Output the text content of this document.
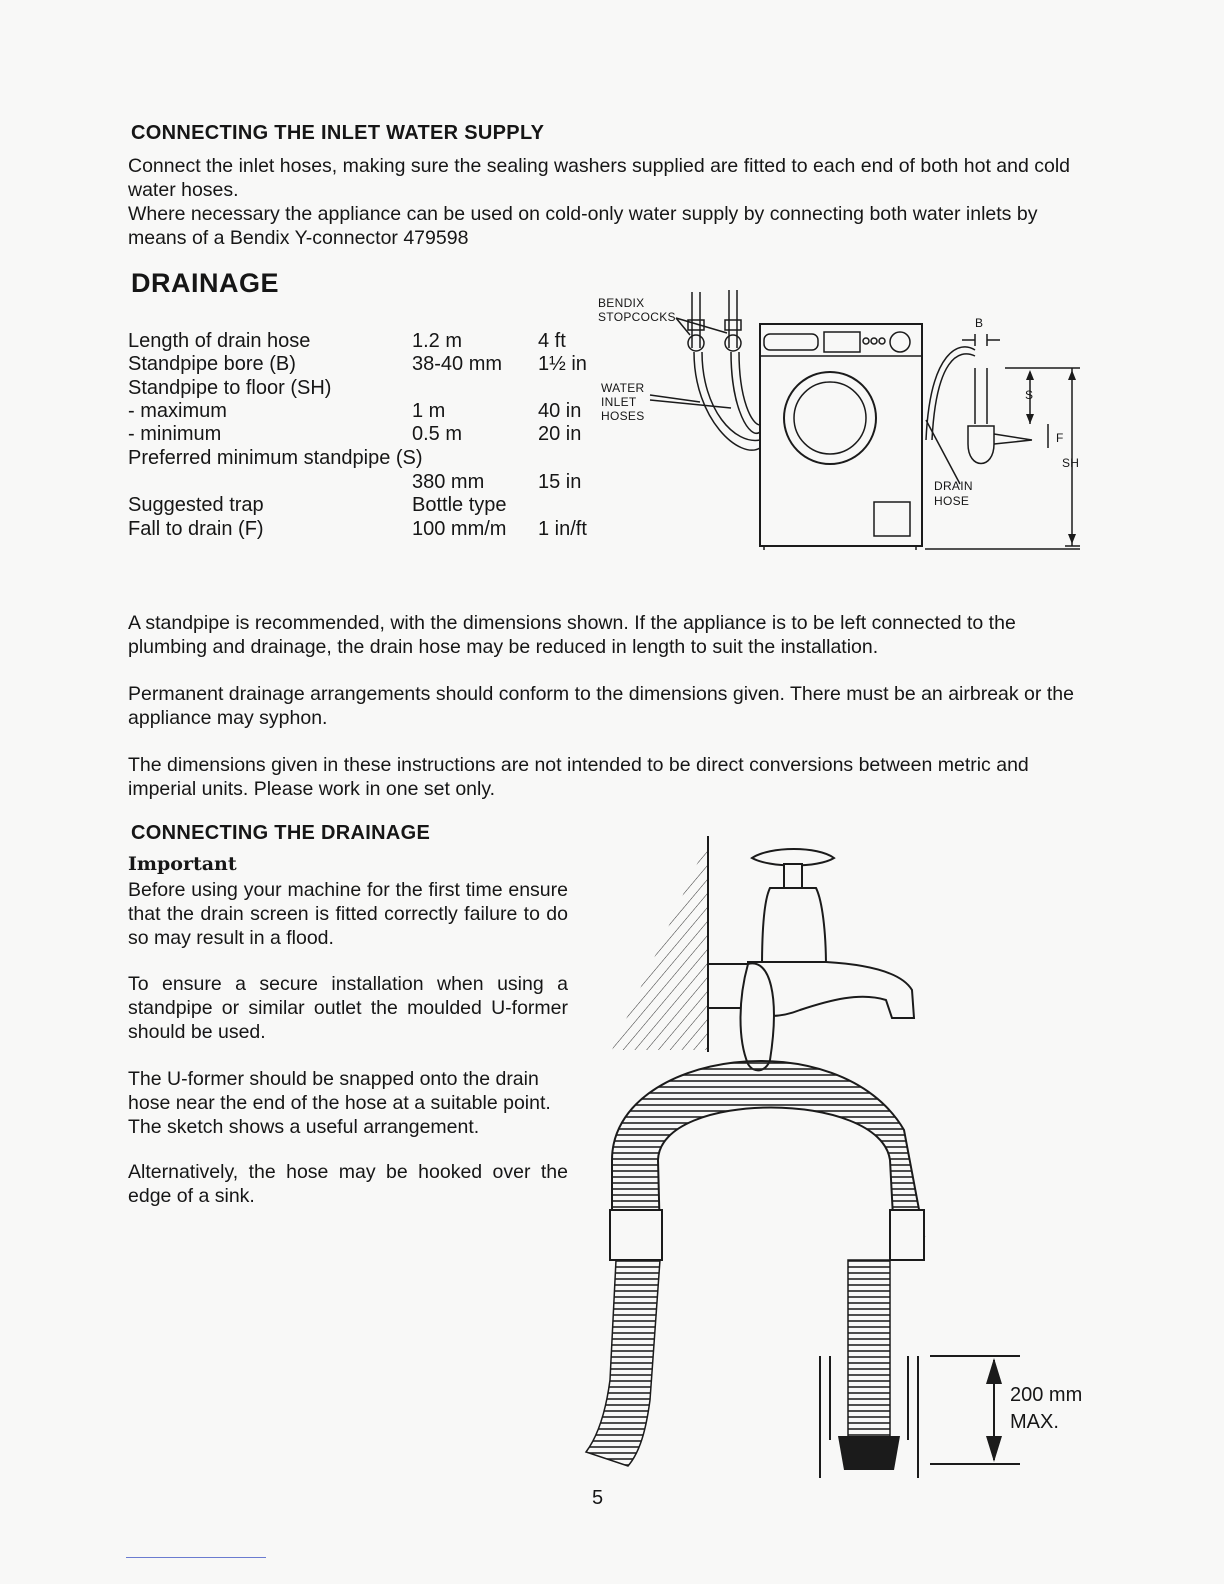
CONNECTING THE INLET WATER SUPPLY
Connect the inlet hoses, making sure the sealing washers supplied are fitted to each end of both hot and cold water hoses.
Where necessary the appliance can be used on cold-only water supply by connecting both water inlets by means of a Bendix Y-connector 479598
DRAINAGE
Length of drain hose	1.2 m	4 ft
Standpipe bore (B)	38-40 mm 1½ in
Standpipe to floor (SH)
- maximum	1 m	40 in
- minimum	0.5 m	20 in
Preferred minimum standpipe (S)
380 mm	15 in
Suggested trap	Bottle type
Fall to drain (F)	100 mm/m 1 in/ft
BENDIX
STOPCOCKS
WATER
INLET
HOSES
DRAIN
HOSE
B
S
F
SH
A standpipe is recommended, with the dimensions shown. If the appliance is to be left connected to the plumbing and drainage, the drain hose may be reduced in length to suit the installation.
Permanent drainage arrangements should conform to the dimensions given. There must be an airbreak or the appliance may syphon.
The dimensions given in these instructions are not intended to be direct conversions between metric and imperial units. Please work in one set only.
CONNECTING THE DRAINAGE
Important
Before using your machine for the first time ensure that the drain screen is fitted correctly failure to do so may result in a flood.
To ensure a secure installation when using a standpipe or similar outlet the moulded U-former should be used.
The U-former should be snapped onto the drain hose near the end of the hose at a suitable point. The sketch shows a useful arrangement.
Alternatively, the hose may be hooked over the edge of a sink.
200 mm
MAX.
5
